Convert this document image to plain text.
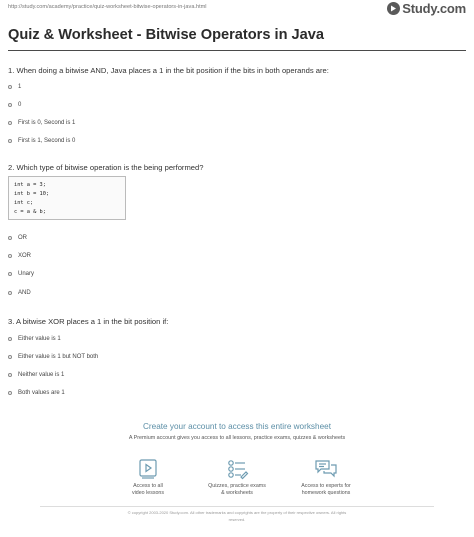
http://study.com/academy/practice/quiz-worksheet-bitwise-operators-in-java.html	Study.com
Quiz & Worksheet - Bitwise Operators in Java
1. When doing a bitwise AND, Java places a 1 in the bit position if the bits in both operands are:
1
0
First is 0, Second is 1
First is 1, Second is 0
2. Which type of bitwise operation is the being performed?
int a = 3;
int b = 10;
int c;
c = a & b;
OR
XOR
Unary
AND
3. A bitwise XOR places a 1 in the bit position if:
Either value is 1
Either value is 1 but NOT both
Neither value is 1
Both values are 1
Create your account to access this entire worksheet
A Premium account gives you access to all lessons, practice exams, quizzes & worksheets
Access to all
video lessons
Quizzes, practice exams
& worksheets
Access to experts for
homework questions
© copyright 2003-2020 Study.com. All other trademarks and copyrights are the property of their respective owners. All rights
reserved.
